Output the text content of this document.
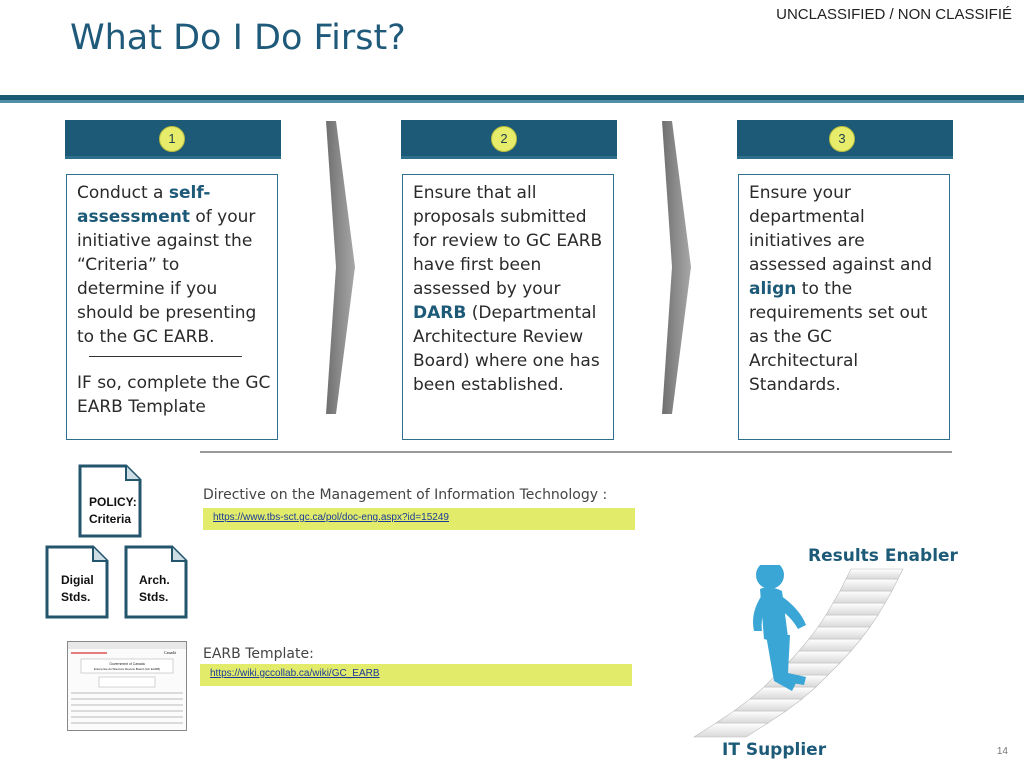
UNCLASSIFIED / NON CLASSIFIÉ
What Do I Do First?
1
Conduct a self-assessment of your initiative against the “Criteria” to determine if you should be presenting to the GC EARB.
IF so, complete the GC EARB Template
2
Ensure that all proposals submitted for review to GC EARB have first been assessed by your DARB (Departmental Architecture Review Board) where one has been established.
3
Ensure your departmental initiatives are assessed against and align to the requirements set out as the GC Architectural Standards.
POLICY:
Criteria
Digial
Stds.
Arch.
Stds.
Directive on the Management of Information Technology :
https://www.tbs-sct.gc.ca/pol/doc-eng.aspx?id=15249
EARB Template:
https://wiki.gccollab.ca/wiki/GC_EARB
Government of Canada
Enterprise Architecture Review Board (GC EARB)
Canadä
Results Enabler
IT Supplier	14
